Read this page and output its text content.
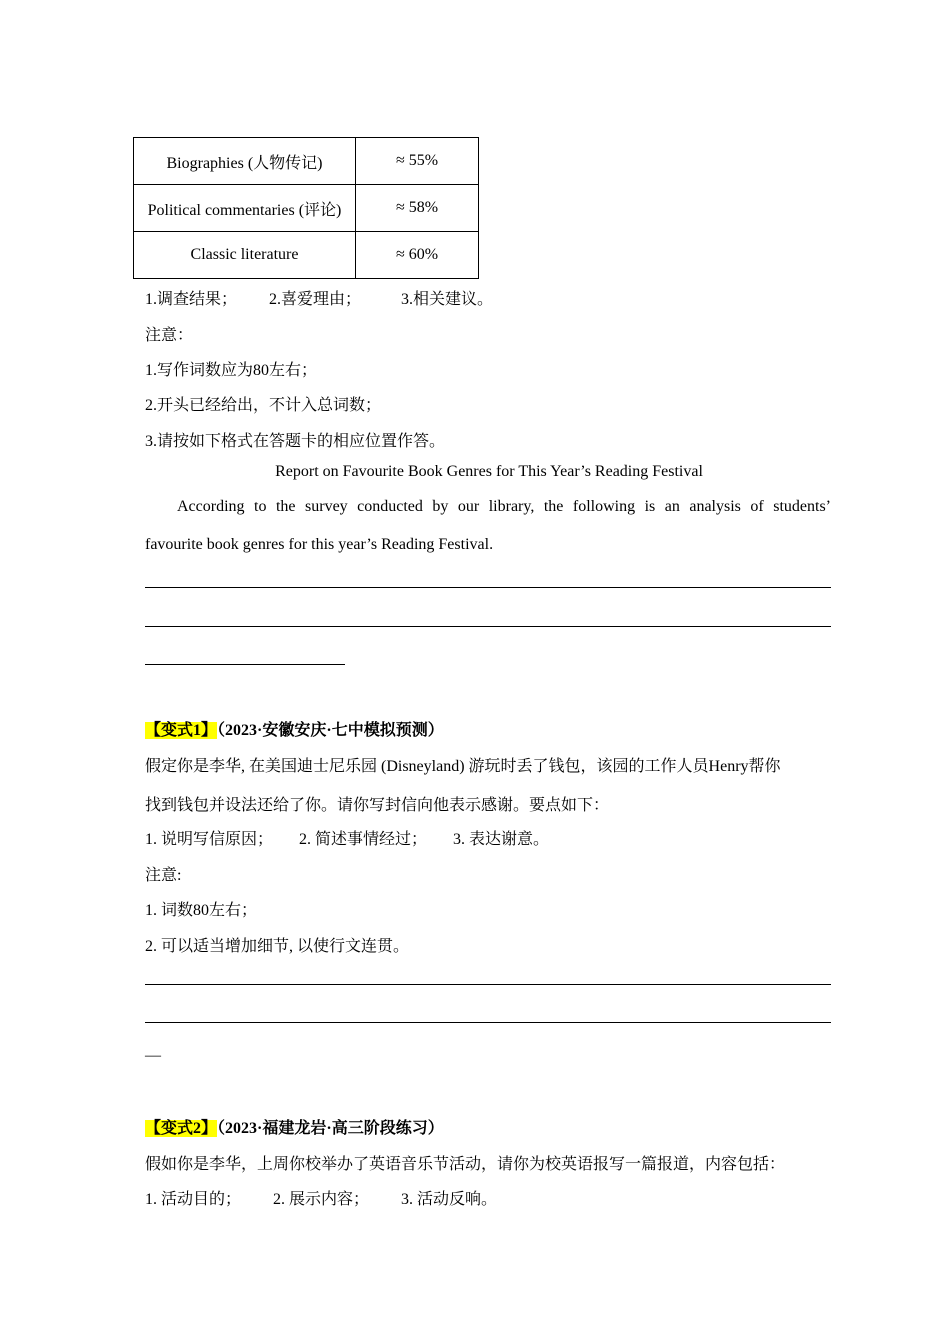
Biographies (人物传记)	≈ 55%
Political commentaries (评论)	≈ 58%
Classic literature	≈ 60%
1.调查结果； 2.喜爱理由；	3.相关建议。
注意：
1.写作词数应为80左右；
2.开头已经给出，不计入总词数；
3.请按如下格式在答题卡的相应位置作答。
Report on Favourite Book Genres for This Year’s Reading Festival
According to the survey conducted by our library, the following is an analysis of students’
favourite book genres for this year’s Reading Festival.
【变式1】（2023·安徽安庆·七中模拟预测）
假定你是李华, 在美国迪士尼乐园 (Disneyland) 游玩时丢了钱包，该园的工作人员Henry帮你
找到钱包并设法还给了你。请你写封信向他表示感谢。要点如下：
1. 说明写信原因； 2. 简述事情经过； 3. 表达谢意。
注意:
1. 词数80左右；
2. 可以适当增加细节, 以使行文连贯。
—
【变式2】（2023·福建龙岩·高三阶段练习）
假如你是李华，上周你校举办了英语音乐节活动，请你为校英语报写一篇报道，内容包括：
1. 活动目的； 2. 展示内容； 3. 活动反响。
